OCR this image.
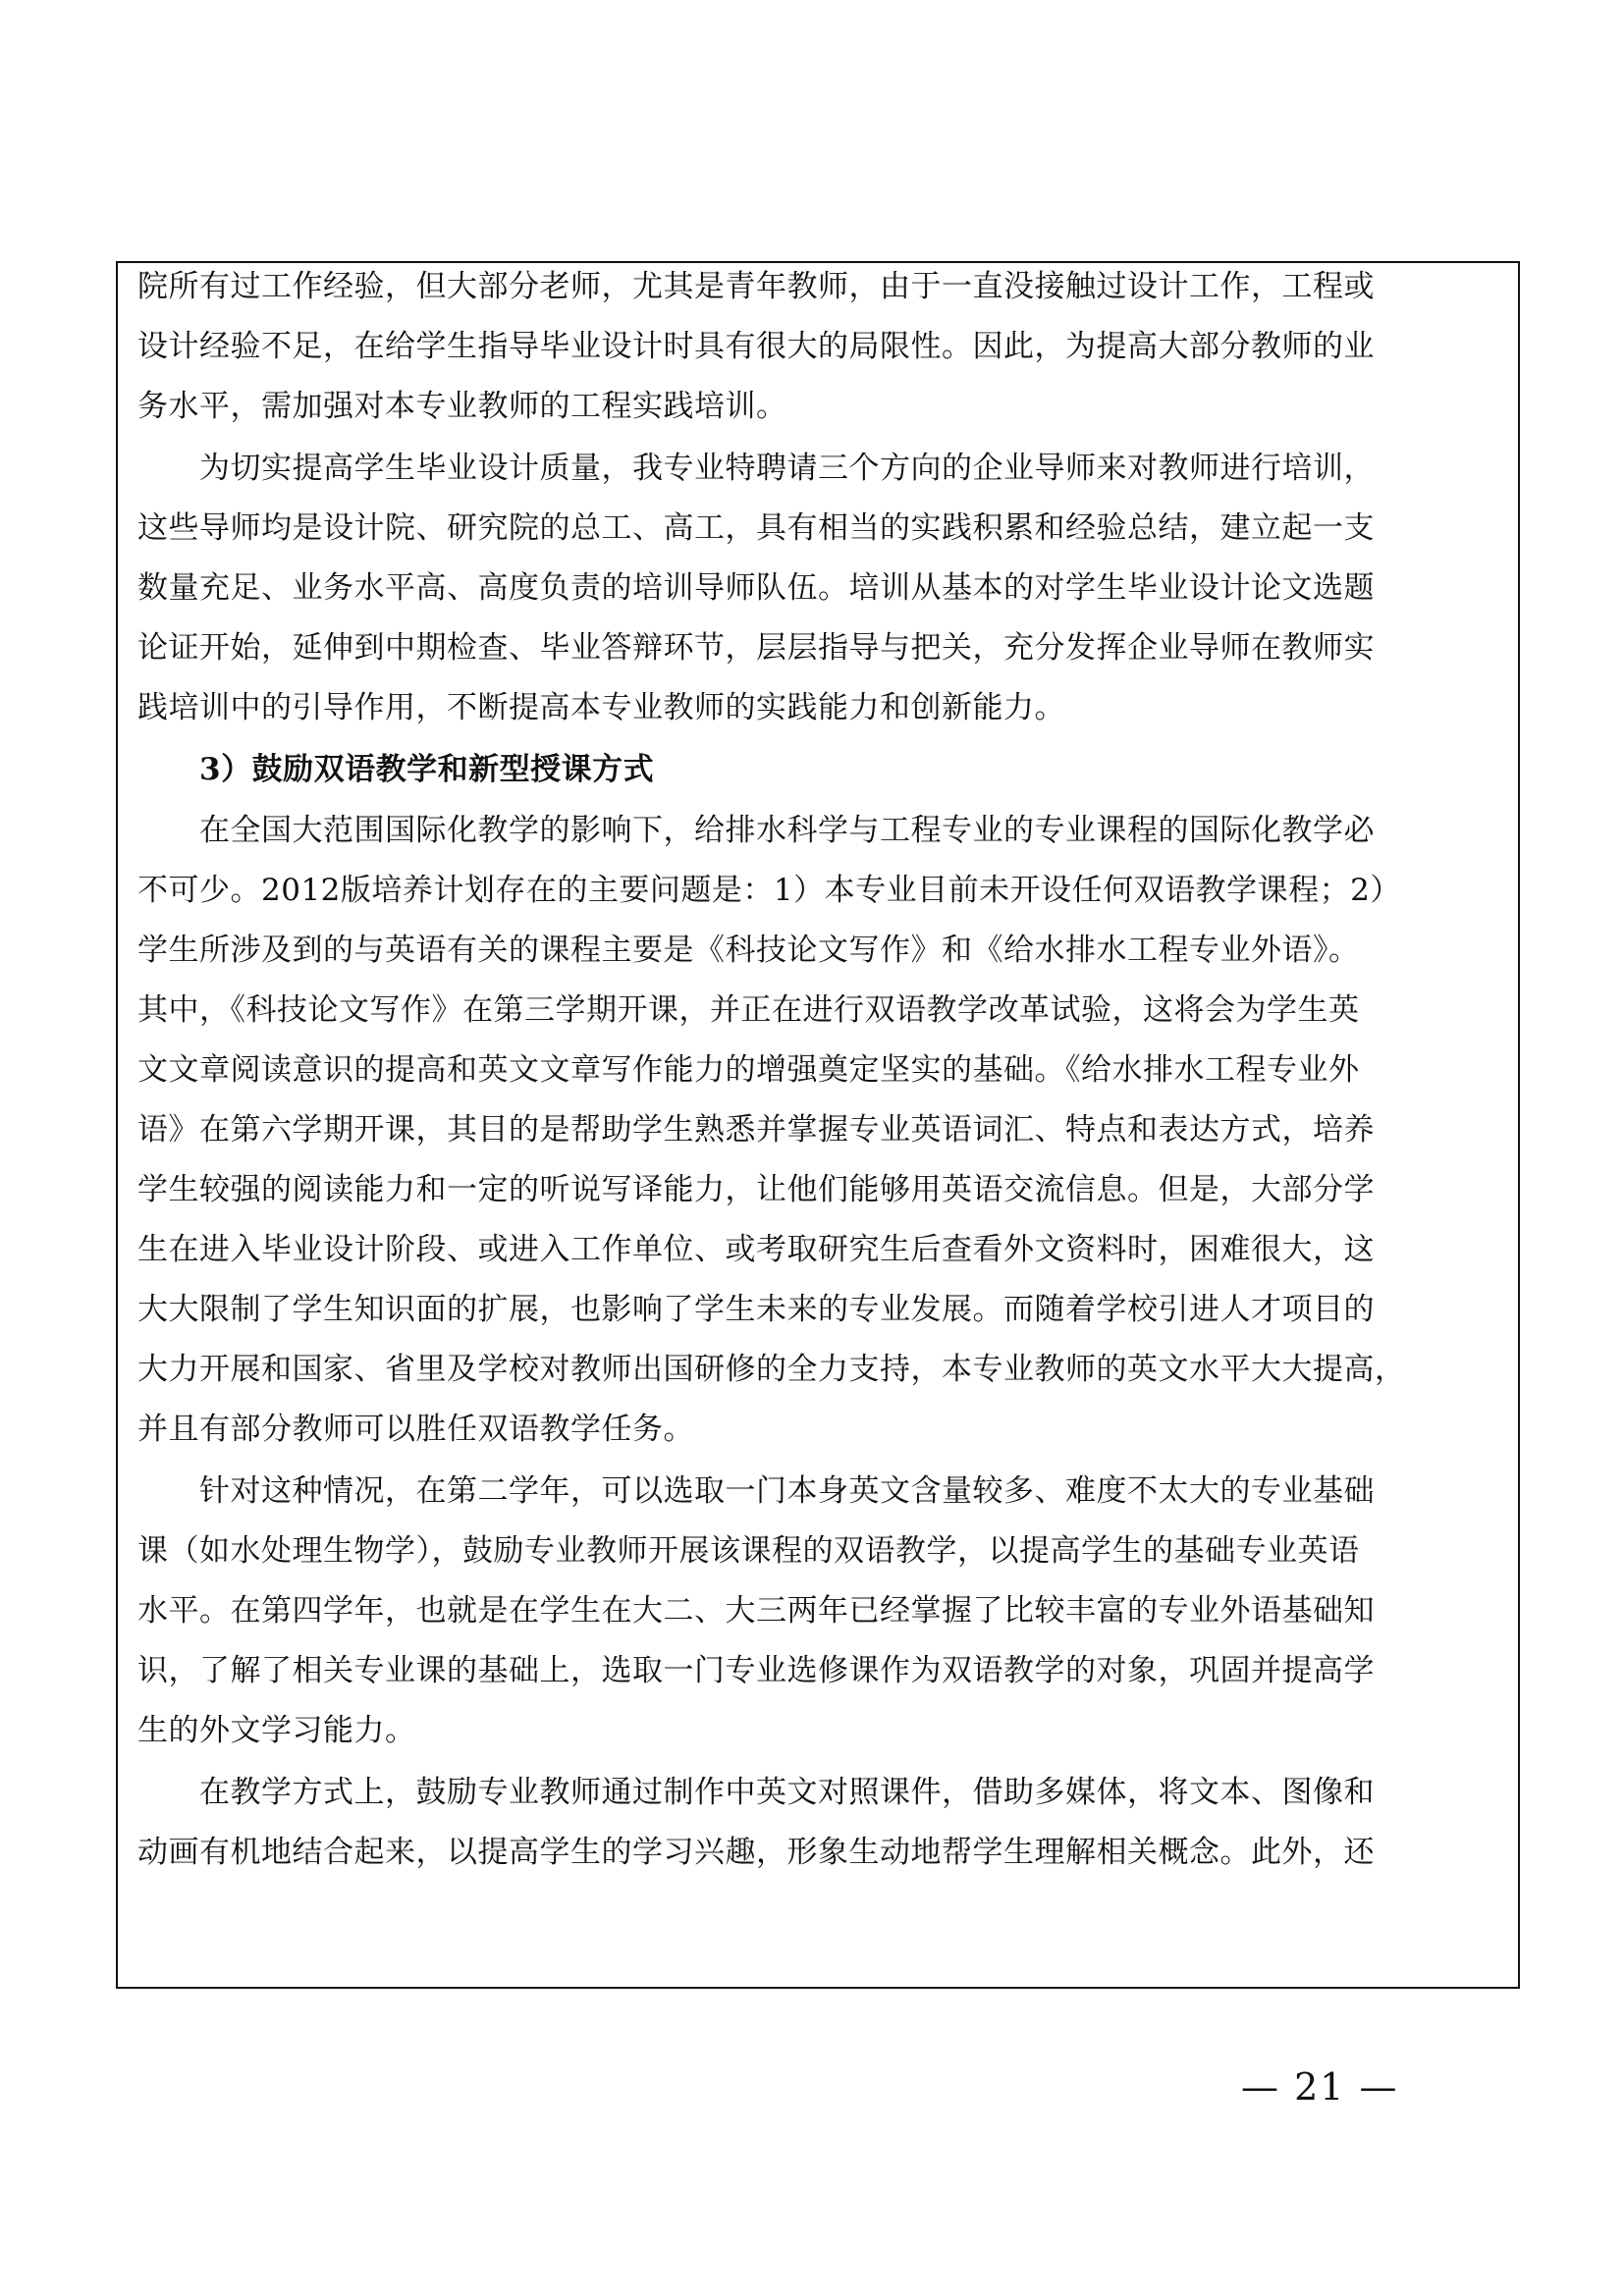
院所有过工作经验，但大部分老师，尤其是青年教师，由于一直没接触过设计工作，工程或
设计经验不足，在给学生指导毕业设计时具有很大的局限性。因此，为提高大部分教师的业
务水平，需加强对本专业教师的工程实践培训。
　　为切实提高学生毕业设计质量，我专业特聘请三个方向的企业导师来对教师进行培训，
这些导师均是设计院、研究院的总工、高工，具有相当的实践积累和经验总结，建立起一支
数量充足、业务水平高、高度负责的培训导师队伍。培训从基本的对学生毕业设计论文选题
论证开始，延伸到中期检查、毕业答辩环节，层层指导与把关，充分发挥企业导师在教师实
践培训中的引导作用，不断提高本专业教师的实践能力和创新能力。
　　3）鼓励双语教学和新型授课方式
　　在全国大范围国际化教学的影响下，给排水科学与工程专业的专业课程的国际化教学必
不可少。2012版培养计划存在的主要问题是：1）本专业目前未开设任何双语教学课程；2）
学生所涉及到的与英语有关的课程主要是《科技论文写作》和《给水排水工程专业外语》。
其中，《科技论文写作》在第三学期开课，并正在进行双语教学改革试验，这将会为学生英
文文章阅读意识的提高和英文文章写作能力的增强奠定坚实的基础。《给水排水工程专业外
语》在第六学期开课，其目的是帮助学生熟悉并掌握专业英语词汇、特点和表达方式，培养
学生较强的阅读能力和一定的听说写译能力，让他们能够用英语交流信息。但是，大部分学
生在进入毕业设计阶段、或进入工作单位、或考取研究生后查看外文资料时，困难很大，这
大大限制了学生知识面的扩展，也影响了学生未来的专业发展。而随着学校引进人才项目的
大力开展和国家、省里及学校对教师出国研修的全力支持，本专业教师的英文水平大大提高，
并且有部分教师可以胜任双语教学任务。
　　针对这种情况，在第二学年，可以选取一门本身英文含量较多、难度不太大的专业基础
课（如水处理生物学），鼓励专业教师开展该课程的双语教学，以提高学生的基础专业英语
水平。在第四学年，也就是在学生在大二、大三两年已经掌握了比较丰富的专业外语基础知
识，了解了相关专业课的基础上，选取一门专业选修课作为双语教学的对象，巩固并提高学
生的外文学习能力。
　　在教学方式上，鼓励专业教师通过制作中英文对照课件，借助多媒体，将文本、图像和
动画有机地结合起来，以提高学生的学习兴趣，形象生动地帮学生理解相关概念。此外，还
— 21 —
